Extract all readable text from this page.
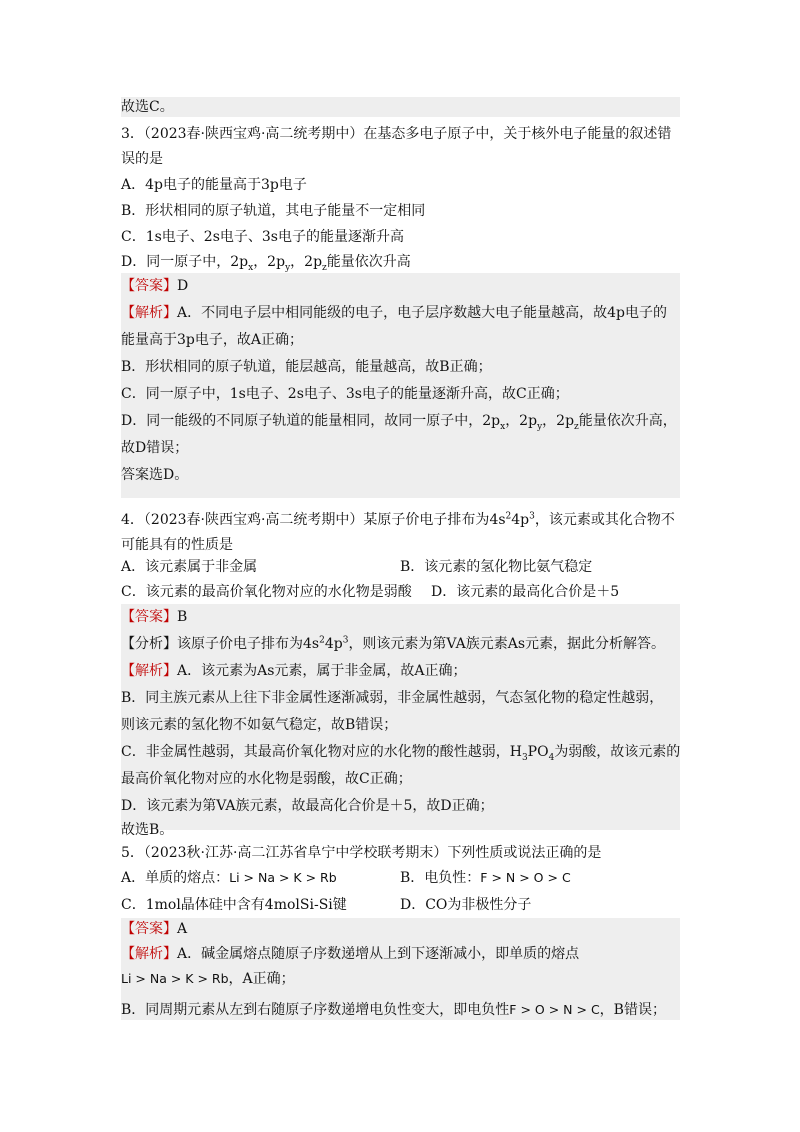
故选C。
3．（2023春·陕西宝鸡·高二统考期中）在基态多电子原子中，关于核外电子能量的叙述错
误的是
A．4p电子的能量高于3p电子
B．形状相同的原子轨道，其电子能量不一定相同
C．1s电子、2s电子、3s电子的能量逐渐升高
D．同一原子中，$2p_x$，$2p_y$，$2p_z$能量依次升高
【答案】D
【解析】A．不同电子层中相同能级的电子，电子层序数越大电子能量越高，故4p电子的
能量高于3p电子，故A正确；
B．形状相同的原子轨道，能层越高，能量越高，故B正确；
C．同一原子中，1s电子、2s电子、3s电子的能量逐渐升高，故C正确；
D．同一能级的不同原子轨道的能量相同，故同一原子中，$2p_x$，$2p_y$，$2p_z$能量依次升高，
故D错误；
答案选D。
4．（2023春·陕西宝鸡·高二统考期中）某原子价电子排布为$4s^24p^3$，该元素或其化合物不
可能具有的性质是
A．该元素属于非金属	B．该元素的氢化物比氨气稳定
C．该元素的最高价氧化物对应的水化物是弱酸 D．该元素的最高化合价是＋5
【答案】B
【分析】该原子价电子排布为$4s^24p^3$，则该元素为第VA族元素As元素，据此分析解答。
【解析】A．该元素为As元素，属于非金属，故A正确；
B．同主族元素从上往下非金属性逐渐减弱，非金属性越弱，气态氢化物的稳定性越弱，
则该元素的氢化物不如氨气稳定，故B错误；
C．非金属性越弱，其最高价氧化物对应的水化物的酸性越弱，$H_3PO_4$为弱酸，故该元素的
最高价氧化物对应的水化物是弱酸，故C正确；
D．该元素为第VA族元素，故最高化合价是＋5，故D正确；
故选B。
5．（2023秋·江苏·高二江苏省阜宁中学校联考期末）下列性质或说法正确的是
A．单质的熔点：Li > Na > K > Rb	B．电负性：F > N > O > C
C．1mol晶体硅中含有4molSi-Si键	D．CO为非极性分子
【答案】A
【解析】A．碱金属熔点随原子序数递增从上到下逐渐减小，即单质的熔点
Li > Na > K > Rb，A正确；
B．同周期元素从左到右随原子序数递增电负性变大，即电负性F > O > N > C，B错误；
